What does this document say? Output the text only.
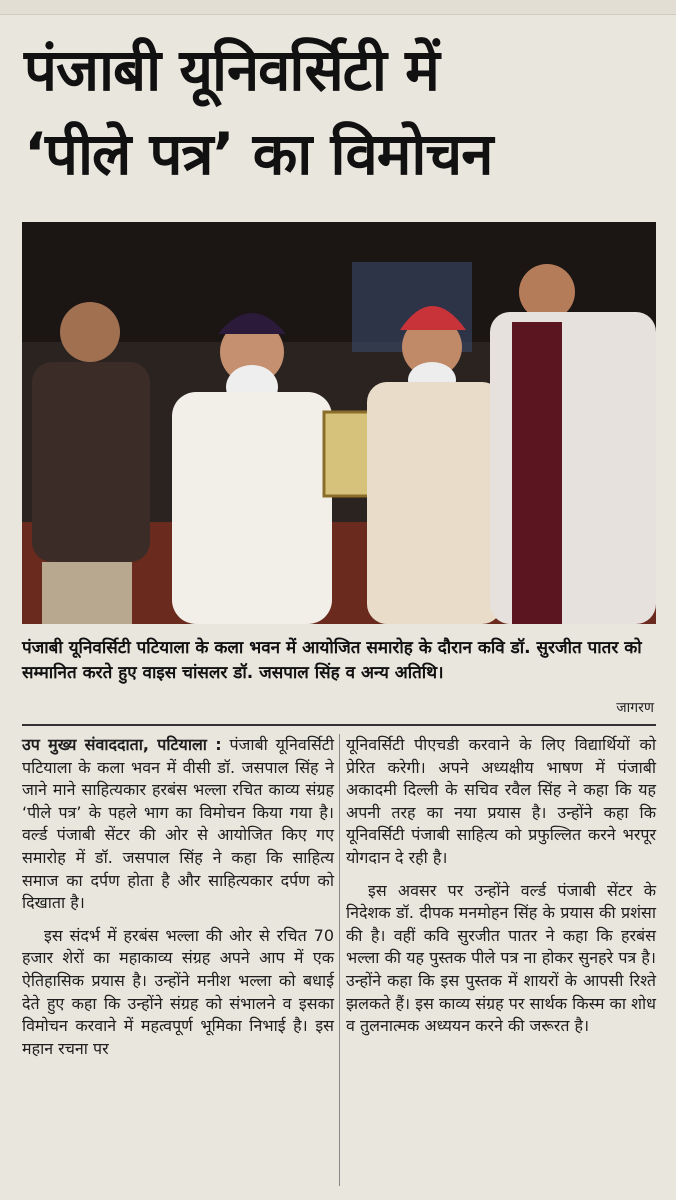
पंजाबी यूनिवर्सिटी में
‘पीले पत्र’ का विमोचन
पंजाबी यूनिवर्सिटी पटियाला के कला भवन में आयोजित समारोह के दौरान कवि डॉ. सुरजीत पातर को सम्मानित करते हुए वाइस चांसलर डॉ. जसपाल सिंह व अन्य अतिथि।
जागरण

उप मुख्य संवाददाता, पटियाला : पंजाबी यूनिवर्सिटी पटियाला के कला भवन में वीसी डॉ. जसपाल सिंह ने जाने माने साहित्यकार हरबंस भल्ला रचित काव्य संग्रह ‘पीले पत्र’ के पहले भाग का विमोचन किया गया है। वर्ल्ड पंजाबी सेंटर की ओर से आयोजित किए गए समारोह में डॉ. जसपाल सिंह ने कहा कि साहित्य समाज का दर्पण होता है और साहित्यकार दर्पण को दिखाता है।

इस संदर्भ में हरबंस भल्ला की ओर से रचित 70 हजार शेरों का महाकाव्य संग्रह अपने आप में एक ऐतिहासिक प्रयास है। उन्होंने मनीश भल्ला को बधाई देते हुए कहा कि उन्होंने संग्रह को संभालने व इसका विमोचन करवाने में महत्वपूर्ण भूमिका निभाई है। इस महान रचना पर

यूनिवर्सिटी पीएचडी करवाने के लिए विद्यार्थियों को प्रेरित करेगी। अपने अध्यक्षीय भाषण में पंजाबी अकादमी दिल्ली के सचिव रवैल सिंह ने कहा कि यह अपनी तरह का नया प्रयास है। उन्होंने कहा कि यूनिवर्सिटी पंजाबी साहित्य को प्रफुल्लित करने भरपूर योगदान दे रही है।

इस अवसर पर उन्होंने वर्ल्ड पंजाबी सेंटर के निदेशक डॉ. दीपक मनमोहन सिंह के प्रयास की प्रशंसा की है। वहीं कवि सुरजीत पातर ने कहा कि हरबंस भल्ला की यह पुस्तक पीले पत्र ना होकर सुनहरे पत्र है। उन्होंने कहा कि इस पुस्तक में शायरों के आपसी रिश्ते झलकते हैं। इस काव्य संग्रह पर सार्थक किस्म का शोध व तुलनात्मक अध्ययन करने की जरूरत है।
